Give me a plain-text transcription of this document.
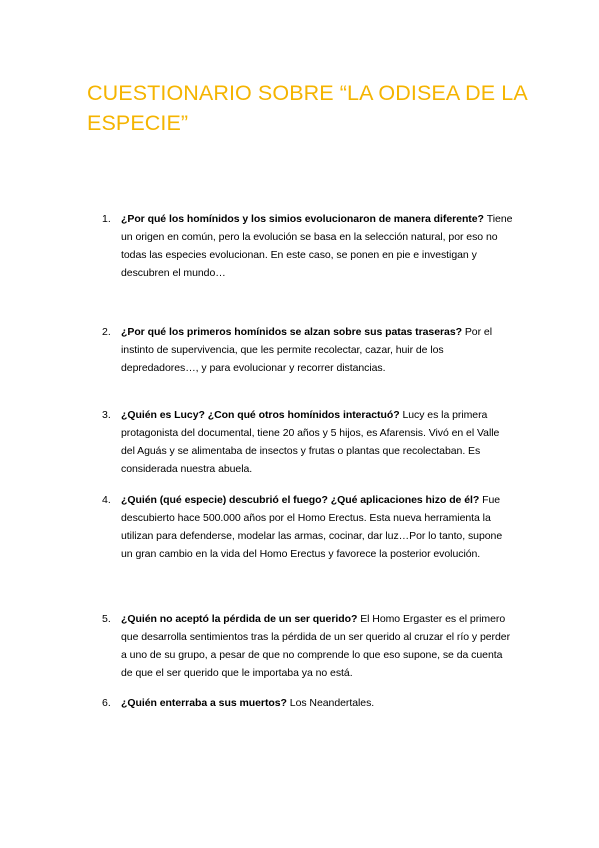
CUESTIONARIO SOBRE “LA ODISEA DE LA ESPECIE”
1. ¿Por qué los homínidos y los simios evolucionaron de manera diferente? Tiene un origen en común, pero la evolución se basa en la selección natural, por eso no todas las especies evolucionan. En este caso, se ponen en pie e investigan y descubren el mundo…
2. ¿Por qué los primeros homínidos se alzan sobre sus patas traseras? Por el instinto de supervivencia, que les permite recolectar, cazar, huir de los depredadores…, y para evolucionar y recorrer distancias.
3. ¿Quién es Lucy? ¿Con qué otros homínidos interactuó? Lucy es la primera protagonista del documental, tiene 20 años y 5 hijos, es Afarensis. Vivó en el Valle del Aguás y se alimentaba de insectos y frutas o plantas que recolectaban. Es considerada nuestra abuela.
4. ¿Quién (qué especie) descubrió el fuego? ¿Qué aplicaciones hizo de él? Fue descubierto hace 500.000 años por el Homo Erectus. Esta nueva herramienta la utilizan para defenderse, modelar las armas, cocinar, dar luz…Por lo tanto, supone un gran cambio en la vida del Homo Erectus y favorece la posterior evolución.
5. ¿Quién no aceptó la pérdida de un ser querido? El Homo Ergaster es el primero que desarrolla sentimientos tras la pérdida de un ser querido al cruzar el río y perder a uno de su grupo, a pesar de que no comprende lo que eso supone, se da cuenta de que el ser querido que le importaba ya no está.
6. ¿Quién enterraba a sus muertos? Los Neandertales.
